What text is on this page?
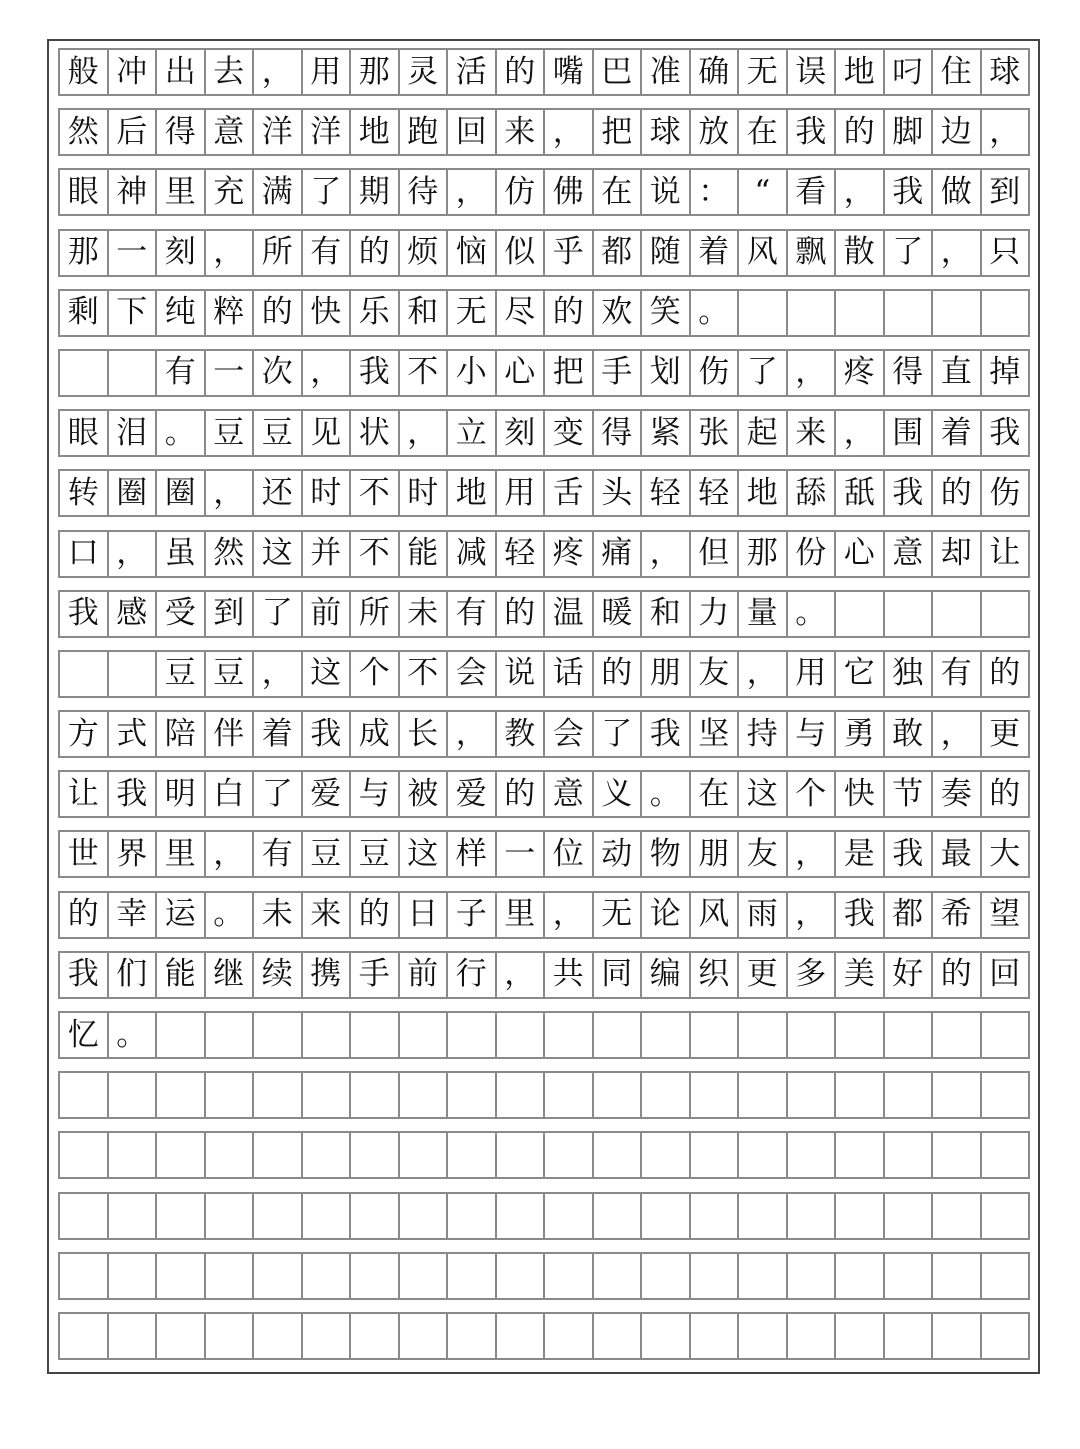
般 冲 出 去 ， 用 那 灵 活 的 嘴 巴 准 确 无 误 地 叼 住 球
然 后 得 意 洋 洋 地 跑 回 来 ， 把 球 放 在 我 的 脚 边 ，
眼 神 里 充 满 了 期 待 ， 仿 佛 在 说 ： “ 看 ， 我 做 到
那 一 刻 ， 所 有 的 烦 恼 似 乎 都 随 着 风 飘 散 了 ， 只
剩 下 纯 粹 的 快 乐 和 无 尽 的 欢 笑 。
有 一 次 ， 我 不 小 心 把 手 划 伤 了 ， 疼 得 直 掉
眼 泪 。 豆 豆 见 状 ， 立 刻 变 得 紧 张 起 来 ， 围 着 我
转 圈 圈 ， 还 时 不 时 地 用 舌 头 轻 轻 地 舔 舐 我 的 伤
口 ， 虽 然 这 并 不 能 减 轻 疼 痛 ， 但 那 份 心 意 却 让
我 感 受 到 了 前 所 未 有 的 温 暖 和 力 量 。
豆 豆 ， 这 个 不 会 说 话 的 朋 友 ， 用 它 独 有 的
方 式 陪 伴 着 我 成 长 ， 教 会 了 我 坚 持 与 勇 敢 ， 更
让 我 明 白 了 爱 与 被 爱 的 意 义 。 在 这 个 快 节 奏 的
世 界 里 ， 有 豆 豆 这 样 一 位 动 物 朋 友 ， 是 我 最 大
的 幸 运 。 未 来 的 日 子 里 ， 无 论 风 雨 ， 我 都 希 望
我 们 能 继 续 携 手 前 行 ， 共 同 编 织 更 多 美 好 的 回
忆 。
